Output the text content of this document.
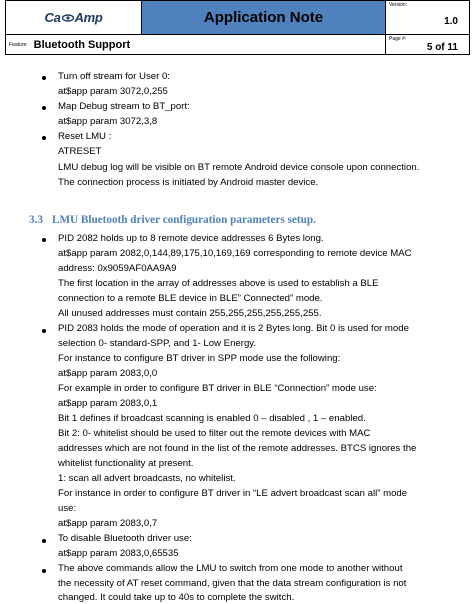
Ca Amp	Application Note
Version:
1.0
Feature: Bluetooth Support	Page #:
5 of 11
Turn off stream for User 0:
at$app param 3072,0,255
Map Debug stream to BT_port:
at$app param 3072,3,8
Reset LMU :
ATRESET
LMU debug log will be visible on BT remote Android device console upon connection.
The connection process is initiated by Android master device.
3.3 LMU Bluetooth driver configuration parameters setup.
PID 2082 holds up to 8 remote device addresses 6 Bytes long.
at$app param 2082,0,144,89,175,10,169,169 corresponding to remote device MAC
address: 0x9059AF0AA9A9
The first location in the array of addresses above is used to establish a BLE
connection to a remote BLE device in BLE” Connected” mode.
All unused addresses must contain 255,255,255,255,255,255.
PID 2083 holds the mode of operation and it is 2 Bytes long. Bit 0 is used for mode
selection 0- standard-SPP, and 1- Low Energy.
For instance to configure BT driver in SPP mode use the following:
at$app param 2083,0,0
For example in order to configure BT driver in BLE “Connection” mode use:
at$app param 2083,0,1
Bit 1 defines if broadcast scanning is enabled 0 – disabled , 1 – enabled.
Bit 2: 0- whitelist should be used to filter out the remote devices with MAC
addresses which are not found in the list of the remote addresses. BTCS ignores the
whitelist functionality at present.
1: scan all advert broadcasts, no whitelist.
For instance in order to configure BT driver in “LE advert broadcast scan all” mode
use:
at$app param 2083,0,7
To disable Bluetooth driver use:
at$app param 2083,0,65535
The above commands allow the LMU to switch from one mode to another without
the necessity of AT reset command, given that the data stream configuration is not
changed. It could take up to 40s to complete the switch.
